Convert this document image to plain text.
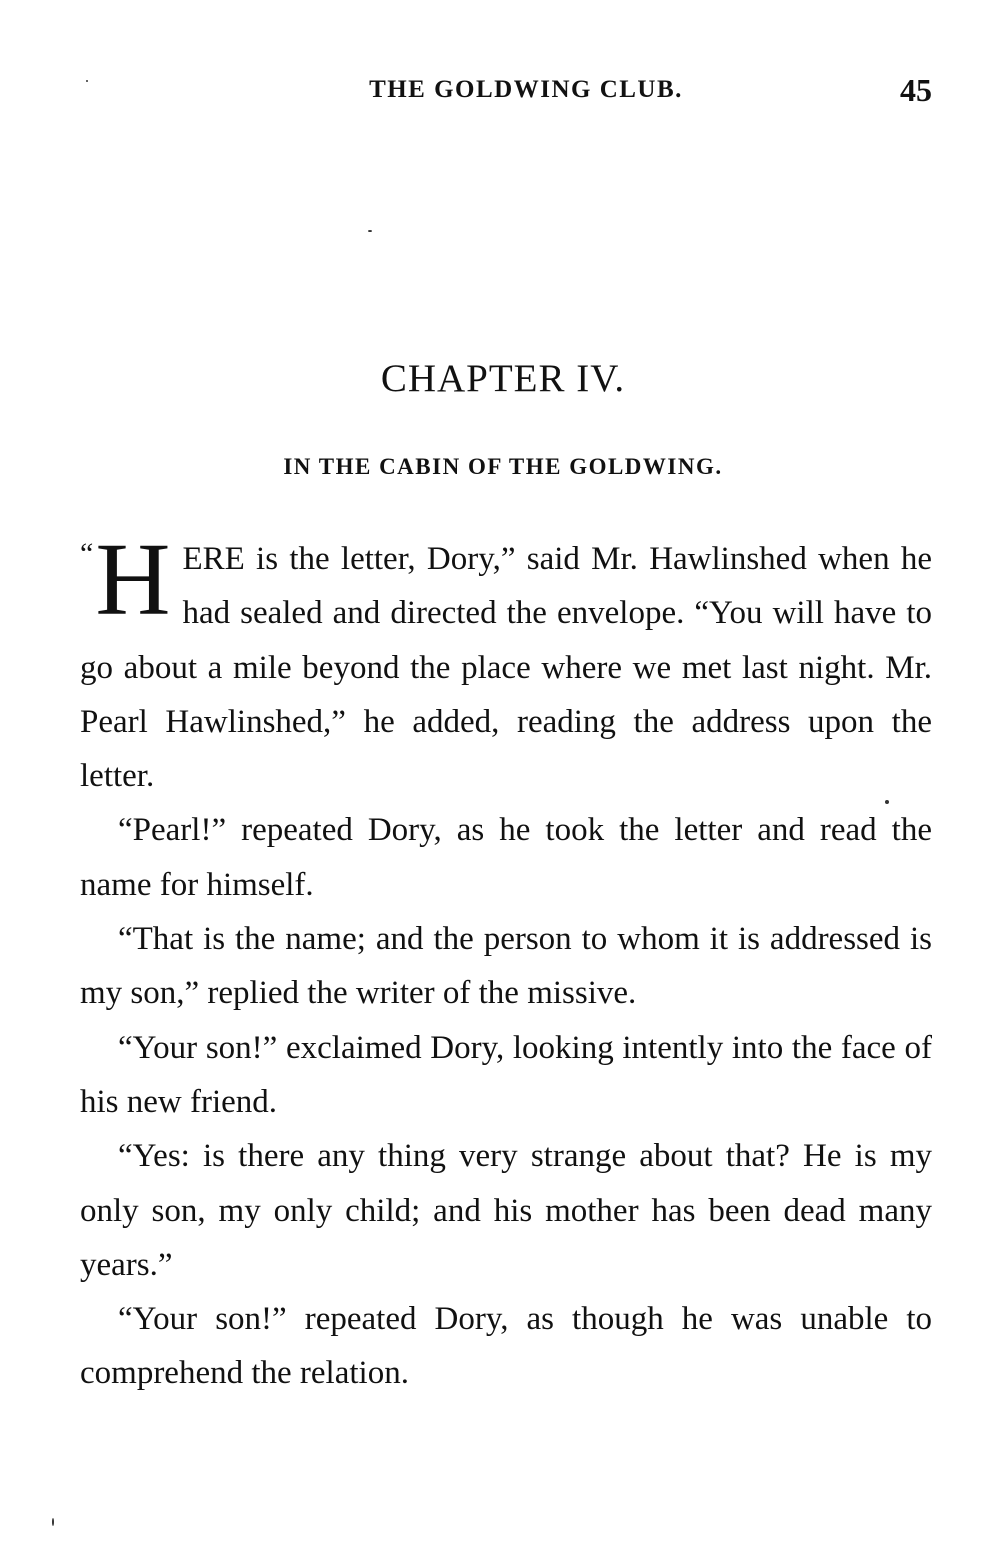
THE GOLDWING CLUB.	45
CHAPTER IV.
IN THE CABIN OF THE GOLDWING.

“ H ERE is the letter, Dory,” said Mr. Hawlinshed when he had sealed and directed the envelope. “You will have to go about a mile beyond the place where we met last night. Mr. Pearl Hawlinshed,” he added, reading the address upon the letter.

“Pearl!” repeated Dory, as he took the letter and read the name for himself.

“That is the name; and the person to whom it is addressed is my son,” replied the writer of the missive.

“Your son!” exclaimed Dory, looking intently into the face of his new friend.

“Yes: is there any thing very strange about that? He is my only son, my only child; and his mother has been dead many years.”

“Your son!” repeated Dory, as though he was unable to comprehend the relation.
